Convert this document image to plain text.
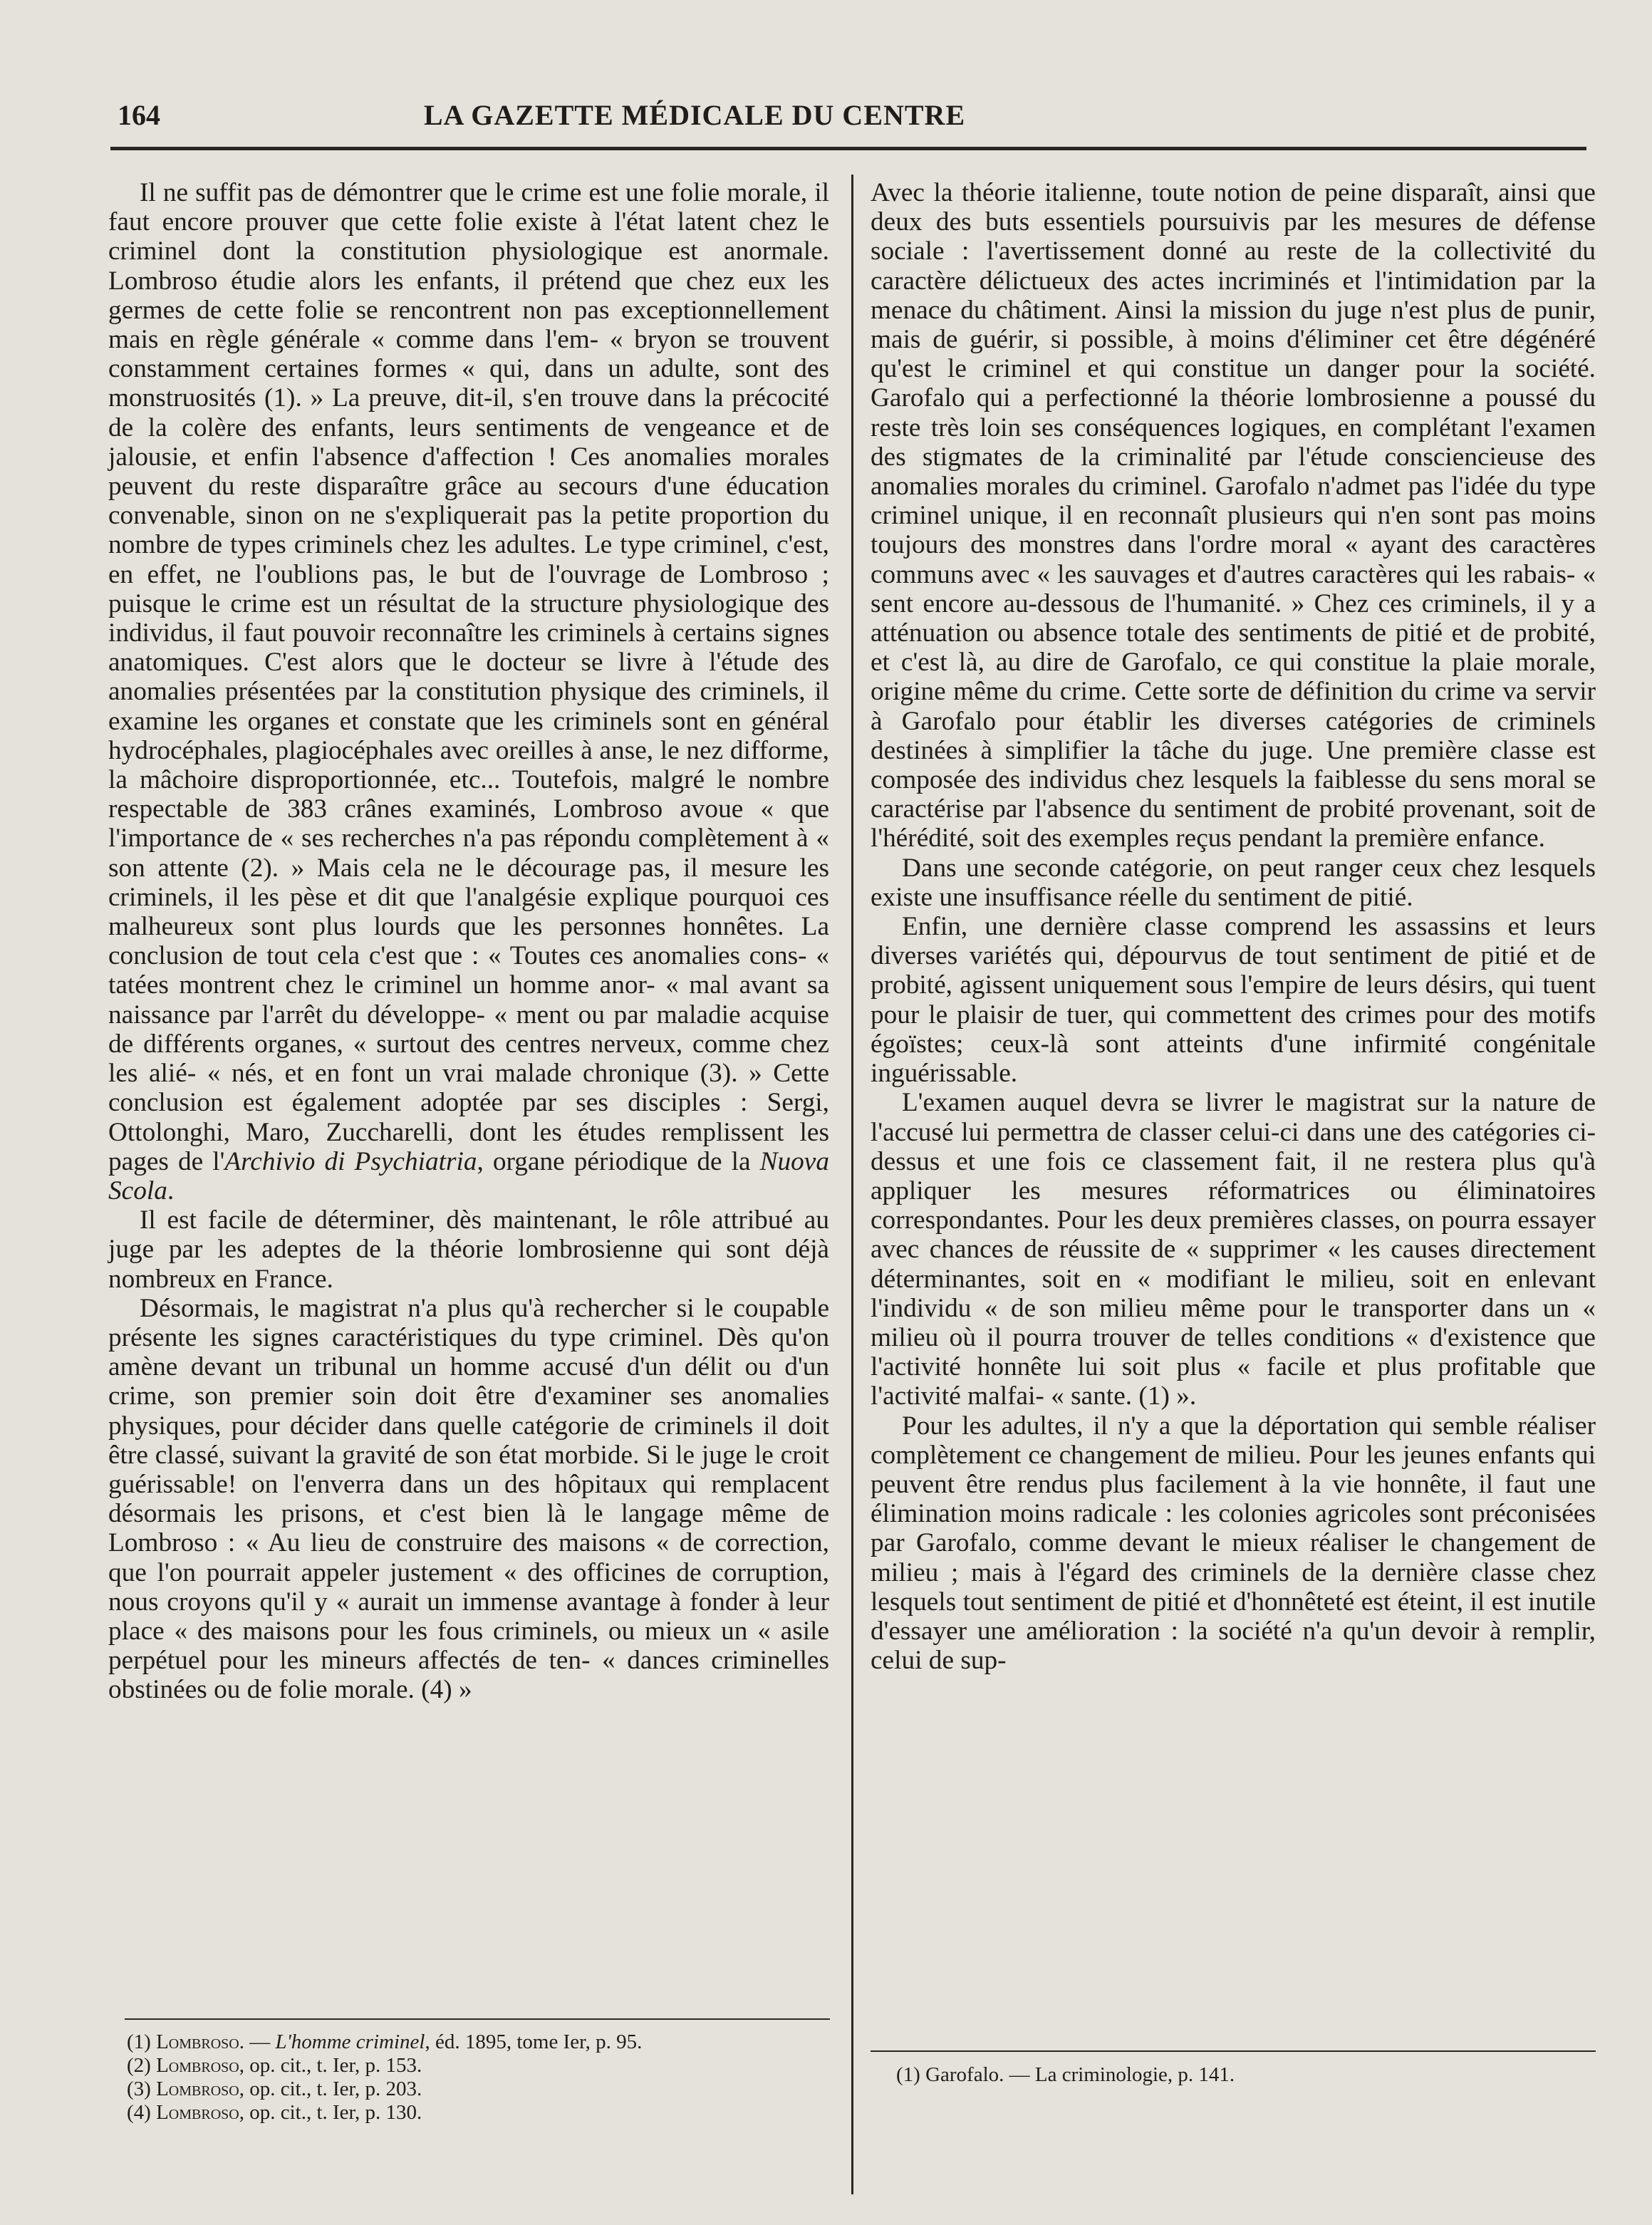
164	LA GAZETTE MÉDICALE DU CENTRE

Il ne suffit pas de démontrer que le crime est une folie morale, il faut encore prouver que cette folie existe à l'état latent chez le criminel dont la constitution physiologique est anormale. Lombroso étudie alors les enfants, il prétend que chez eux les germes de cette folie se rencontrent non pas exceptionnellement mais en règle générale « comme dans l'em- « bryon se trouvent constamment certaines formes « qui, dans un adulte, sont des monstruosités (1). » La preuve, dit-il, s'en trouve dans la précocité de la colère des enfants, leurs sentiments de vengeance et de jalousie, et enfin l'absence d'affection ! Ces anomalies morales peuvent du reste disparaître grâce au secours d'une éducation convenable, sinon on ne s'expliquerait pas la petite proportion du nombre de types criminels chez les adultes. Le type criminel, c'est, en effet, ne l'oublions pas, le but de l'ouvrage de Lombroso ; puisque le crime est un résultat de la structure physiologique des individus, il faut pouvoir reconnaître les criminels à certains signes anatomiques. C'est alors que le docteur se livre à l'étude des anomalies présentées par la constitution physique des criminels, il examine les organes et constate que les criminels sont en général hydrocéphales, plagiocéphales avec oreilles à anse, le nez difforme, la mâchoire disproportionnée, etc... Toutefois, malgré le nombre respectable de 383 crânes examinés, Lombroso avoue « que l'importance de « ses recherches n'a pas répondu complètement à « son attente (2). » Mais cela ne le décourage pas, il mesure les criminels, il les pèse et dit que l'analgésie explique pourquoi ces malheureux sont plus lourds que les personnes honnêtes. La conclusion de tout cela c'est que : « Toutes ces anomalies cons- « tatées montrent chez le criminel un homme anor- « mal avant sa naissance par l'arrêt du développe- « ment ou par maladie acquise de différents organes, « surtout des centres nerveux, comme chez les alié- « nés, et en font un vrai malade chronique (3). » Cette conclusion est également adoptée par ses disciples : Sergi, Ottolonghi, Maro, Zuccharelli, dont les études remplissent les pages de l'Archivio di Psychiatria, organe périodique de la Nuova Scola.

Il est facile de déterminer, dès maintenant, le rôle attribué au juge par les adeptes de la théorie lombrosienne qui sont déjà nombreux en France.

Désormais, le magistrat n'a plus qu'à rechercher si le coupable présente les signes caractéristiques du type criminel. Dès qu'on amène devant un tribunal un homme accusé d'un délit ou d'un crime, son premier soin doit être d'examiner ses anomalies physiques, pour décider dans quelle catégorie de criminels il doit être classé, suivant la gravité de son état morbide. Si le juge le croit guérissable! on l'enverra dans un des hôpitaux qui remplacent désormais les prisons, et c'est bien là le langage même de Lombroso : « Au lieu de construire des maisons « de correction, que l'on pourrait appeler justement « des officines de corruption, nous croyons qu'il y « aurait un immense avantage à fonder à leur place « des maisons pour les fous criminels, ou mieux un « asile perpétuel pour les mineurs affectés de ten- « dances criminelles obstinées ou de folie morale. (4) »

Avec la théorie italienne, toute notion de peine disparaît, ainsi que deux des buts essentiels poursuivis par les mesures de défense sociale : l'avertissement donné au reste de la collectivité du caractère délictueux des actes incriminés et l'intimidation par la menace du châtiment. Ainsi la mission du juge n'est plus de punir, mais de guérir, si possible, à moins d'éliminer cet être dégénéré qu'est le criminel et qui constitue un danger pour la société. Garofalo qui a perfectionné la théorie lombrosienne a poussé du reste très loin ses conséquences logiques, en complétant l'examen des stigmates de la criminalité par l'étude consciencieuse des anomalies morales du criminel. Garofalo n'admet pas l'idée du type criminel unique, il en reconnaît plusieurs qui n'en sont pas moins toujours des monstres dans l'ordre moral « ayant des caractères communs avec « les sauvages et d'autres caractères qui les rabais- « sent encore au-dessous de l'humanité. » Chez ces criminels, il y a atténuation ou absence totale des sentiments de pitié et de probité, et c'est là, au dire de Garofalo, ce qui constitue la plaie morale, origine même du crime. Cette sorte de définition du crime va servir à Garofalo pour établir les diverses catégories de criminels destinées à simplifier la tâche du juge. Une première classe est composée des individus chez lesquels la faiblesse du sens moral se caractérise par l'absence du sentiment de probité provenant, soit de l'hérédité, soit des exemples reçus pendant la première enfance.

Dans une seconde catégorie, on peut ranger ceux chez lesquels existe une insuffisance réelle du sentiment de pitié.

Enfin, une dernière classe comprend les assassins et leurs diverses variétés qui, dépourvus de tout sentiment de pitié et de probité, agissent uniquement sous l'empire de leurs désirs, qui tuent pour le plaisir de tuer, qui commettent des crimes pour des motifs égoïstes; ceux-là sont atteints d'une infirmité congénitale inguérissable.

L'examen auquel devra se livrer le magistrat sur la nature de l'accusé lui permettra de classer celui-ci dans une des catégories ci-dessus et une fois ce classement fait, il ne restera plus qu'à appliquer les mesures réformatrices ou éliminatoires correspondantes. Pour les deux premières classes, on pourra essayer avec chances de réussite de « supprimer « les causes directement déterminantes, soit en « modifiant le milieu, soit en enlevant l'individu « de son milieu même pour le transporter dans un « milieu où il pourra trouver de telles conditions « d'existence que l'activité honnête lui soit plus « facile et plus profitable que l'activité malfai- « sante. (1) ».

Pour les adultes, il n'y a que la déportation qui semble réaliser complètement ce changement de milieu. Pour les jeunes enfants qui peuvent être rendus plus facilement à la vie honnête, il faut une élimination moins radicale : les colonies agricoles sont préconisées par Garofalo, comme devant le mieux réaliser le changement de milieu ; mais à l'égard des criminels de la dernière classe chez lesquels tout sentiment de pitié et d'honnêteté est éteint, il est inutile d'essayer une amélioration : la société n'a qu'un devoir à remplir, celui de sup-

(1) Lombroso. — L'homme criminel, éd. 1895, tome Ier, p. 95.

(2) Lombroso, op. cit., t. Ier, p. 153.

(3) Lombroso, op. cit., t. Ier, p. 203.

(4) Lombroso, op. cit., t. Ier, p. 130.

(1) Garofalo. — La criminologie, p. 141.
